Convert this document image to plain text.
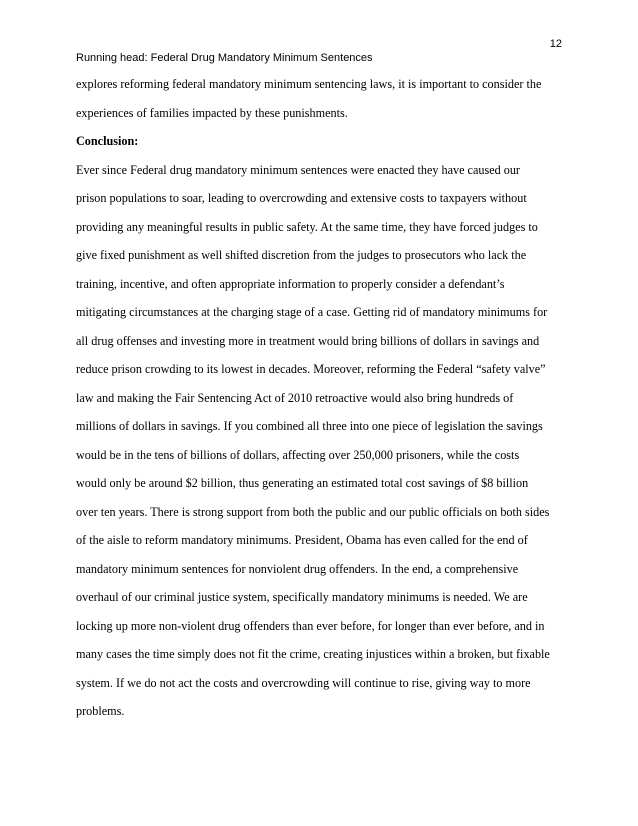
12
Running head: Federal Drug Mandatory Minimum Sentences
explores reforming federal mandatory minimum sentencing laws, it is important to consider the
experiences of families impacted by these punishments.
Conclusion:
Ever since Federal drug mandatory minimum sentences were enacted they have caused our
prison populations to soar, leading to overcrowding and extensive costs to taxpayers without
providing any meaningful results in public safety. At the same time, they have forced judges to
give fixed punishment as well shifted discretion from the judges to prosecutors who lack the
training, incentive, and often appropriate information to properly consider a defendant’s
mitigating circumstances at the charging stage of a case. Getting rid of mandatory minimums for
all drug offenses and investing more in treatment would bring billions of dollars in savings and
reduce prison crowding to its lowest in decades. Moreover, reforming the Federal “safety valve”
law and making the Fair Sentencing Act of 2010 retroactive would also bring hundreds of
millions of dollars in savings. If you combined all three into one piece of legislation the savings
would be in the tens of billions of dollars, affecting over 250,000 prisoners, while the costs
would only be around $2 billion, thus generating an estimated total cost savings of $8 billion
over ten years. There is strong support from both the public and our public officials on both sides
of the aisle to reform mandatory minimums. President, Obama has even called for the end of
mandatory minimum sentences for nonviolent drug offenders. In the end, a comprehensive
overhaul of our criminal justice system, specifically mandatory minimums is needed. We are
locking up more non-violent drug offenders than ever before, for longer than ever before, and in
many cases the time simply does not fit the crime, creating injustices within a broken, but fixable
system. If we do not act the costs and overcrowding will continue to rise, giving way to more
problems.
